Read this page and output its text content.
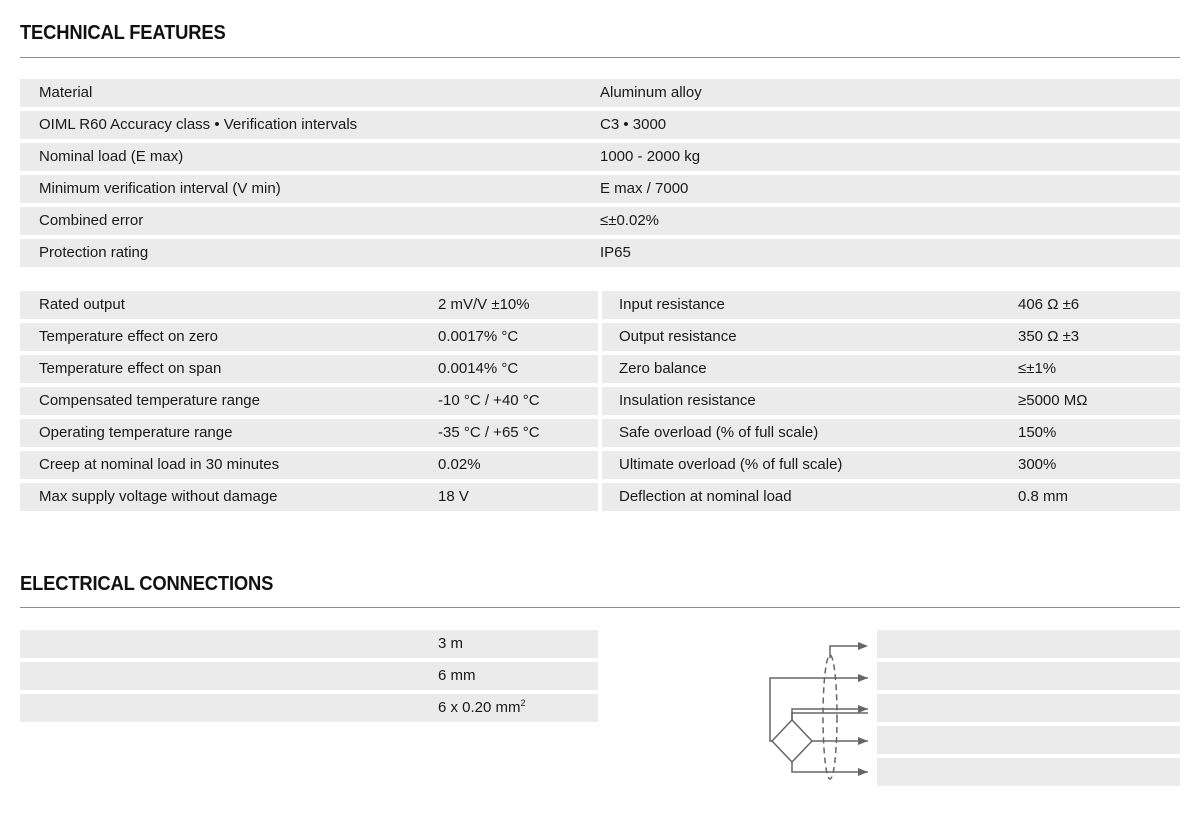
TECHNICAL FEATURES
Material	Aluminum alloy
OIML R60 Accuracy class • Verification intervals	C3 • 3000
Nominal load (E max)	1000 - 2000 kg
Minimum verification interval (V min)	E max / 7000
Combined error	≤±0.02%
Protection rating	IP65
Rated output	2 mV/V ±10%
Temperature effect on zero	0.0017% °C
Temperature effect on span	0.0014% °C
Compensated temperature range	-10 °C / +40 °C
Operating temperature range	-35 °C / +65 °C
Creep at nominal load in 30 minutes	0.02%
Max supply voltage without damage	18 V
Input resistance	406 Ω ±6
Output resistance	350 Ω ±3
Zero balance	≤±1%
Insulation resistance	≥5000 MΩ
Safe overload (% of full scale)	150%
Ultimate overload (% of full scale)	300%
Deflection at nominal load	0.8 mm
ELECTRICAL CONNECTIONS
3 m
6 mm
6 x 0.20 $mm^2$
